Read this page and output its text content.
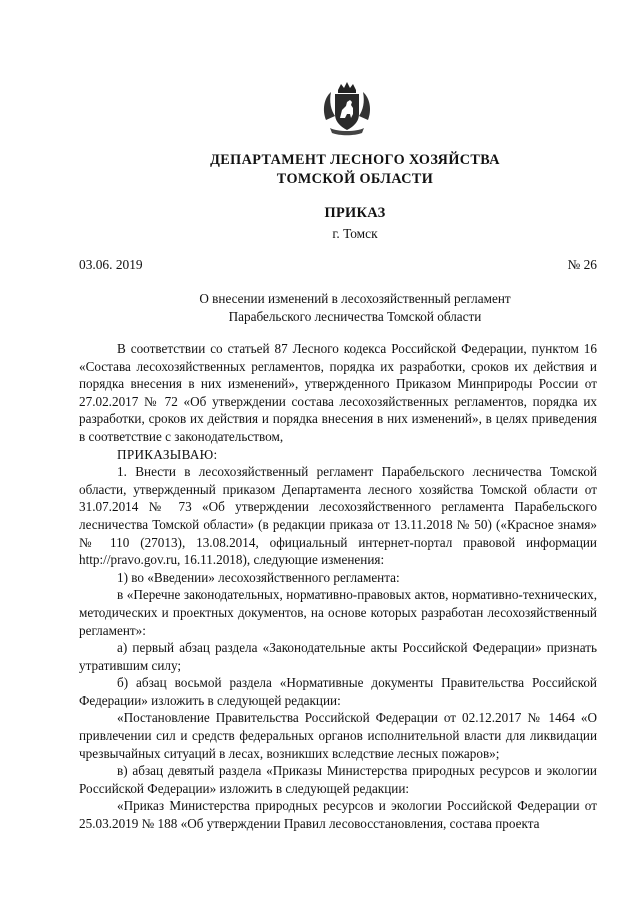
ДЕПАРТАМЕНТ ЛЕСНОГО ХОЗЯЙСТВА
ТОМСКОЙ ОБЛАСТИ
ПРИКАЗ
г. Томск
03.06. 2019	№ 26
О внесении изменений в лесохозяйственный регламент
Парабельского лесничества Томской области

В соответствии со статьей 87 Лесного кодекса Российской Федерации, пунктом 16 «Состава лесохозяйственных регламентов, порядка их разработки, сроков их действия и порядка внесения в них изменений», утвержденного Приказом Минприроды России от 27.02.2017 № 72 «Об утверждении состава лесохозяйственных регламентов, порядка их разработки, сроков их действия и порядка внесения в них изменений», в целях приведения в соответствие с законодательством,

ПРИКАЗЫВАЮ:

1. Внести в лесохозяйственный регламент Парабельского лесничества Томской области, утвержденный приказом Департамента лесного хозяйства Томской области от 31.07.2014 № 73 «Об утверждении лесохозяйственного регламента Парабельского лесничества Томской области» (в редакции приказа от 13.11.2018 № 50) («Красное знамя» № 110 (27013), 13.08.2014, официальный интернет-портал правовой информации http://pravo.gov.ru, 16.11.2018), следующие изменения:

1) во «Введении» лесохозяйственного регламента:

в «Перечне законодательных, нормативно-правовых актов, нормативно-технических, методических и проектных документов, на основе которых разработан лесохозяйственный регламент»:

а) первый абзац раздела «Законодательные акты Российской Федерации» признать утратившим силу;

б) абзац восьмой раздела «Нормативные документы Правительства Российской Федерации» изложить в следующей редакции:

«Постановление Правительства Российской Федерации от 02.12.2017 № 1464 «О привлечении сил и средств федеральных органов исполнительной власти для ликвидации чрезвычайных ситуаций в лесах, возникших вследствие лесных пожаров»;

в) абзац девятый раздела «Приказы Министерства природных ресурсов и экологии Российской Федерации» изложить в следующей редакции:

«Приказ Министерства природных ресурсов и экологии Российской Федерации от 25.03.2019 № 188 «Об утверждении Правил лесовосстановления, состава проекта
